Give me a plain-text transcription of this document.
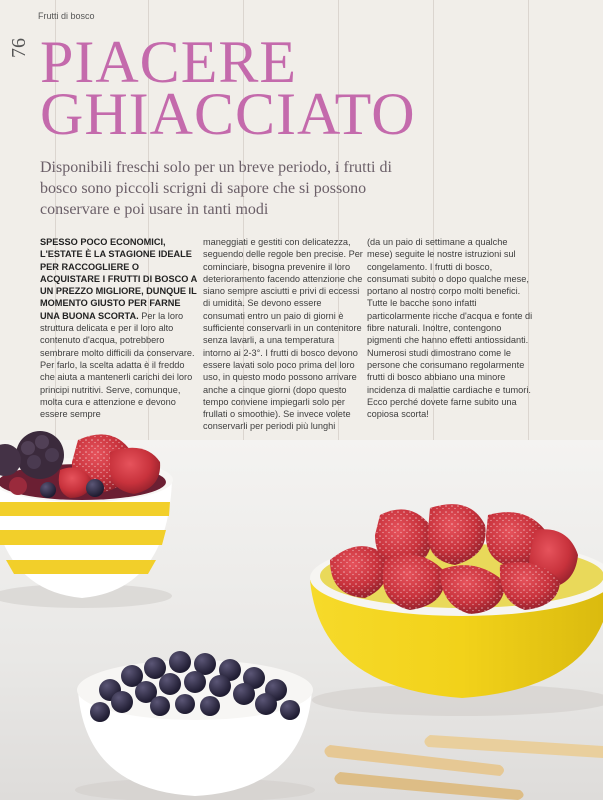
76
Frutti di bosco
PIACERE
GHIACCIATO

Disponibili freschi solo per un breve periodo, i frutti di bosco sono piccoli scrigni di sapore che si possono conservare e poi usare in tanti modi

SPESSO POCO ECONOMICI, L'ESTATE È LA STAGIONE IDEALE PER RACCOGLIERE O ACQUISTARE I FRUTTI DI BOSCO A UN PREZZO MIGLIORE, DUNQUE IL MOMENTO GIUSTO PER FARNE UNA BUONA SCORTA. Per la loro struttura delicata e per il loro alto contenuto d'acqua, potrebbero sembrare molto difficili da conservare. Per farlo, la scelta adatta è il freddo che aiuta a mantenerli carichi dei loro principi nutritivi. Serve, comunque, molta cura e attenzione e devono essere sempre

maneggiati e gestiti con delicatezza, seguendo delle regole ben precise. Per cominciare, bisogna prevenire il loro deterioramento facendo attenzione che siano sempre asciutti e privi di eccessi di umidità. Se devono essere consumati entro un paio di giorni è sufficiente conservarli in un contenitore senza lavarli, a una temperatura intorno ai 2-3°. I frutti di bosco devono essere lavati solo poco prima del loro uso, in questo modo possono arrivare anche a cinque giorni (dopo questo tempo conviene impiegarli solo per frullati o smoothie). Se invece volete conservarli per periodi più lunghi

(da un paio di settimane a qualche mese) seguite le nostre istruzioni sul congelamento. I frutti di bosco, consumati subito o dopo qualche mese, portano al nostro corpo molti benefici. Tutte le bacche sono infatti particolarmente ricche d'acqua e fonte di fibre naturali. Inoltre, contengono pigmenti che hanno effetti antiossidanti. Numerosi studi dimostrano come le persone che consumano regolarmente frutti di bosco abbiano una minore incidenza di malattie cardiache e tumori. Ecco perché dovete farne subito una copiosa scorta!
